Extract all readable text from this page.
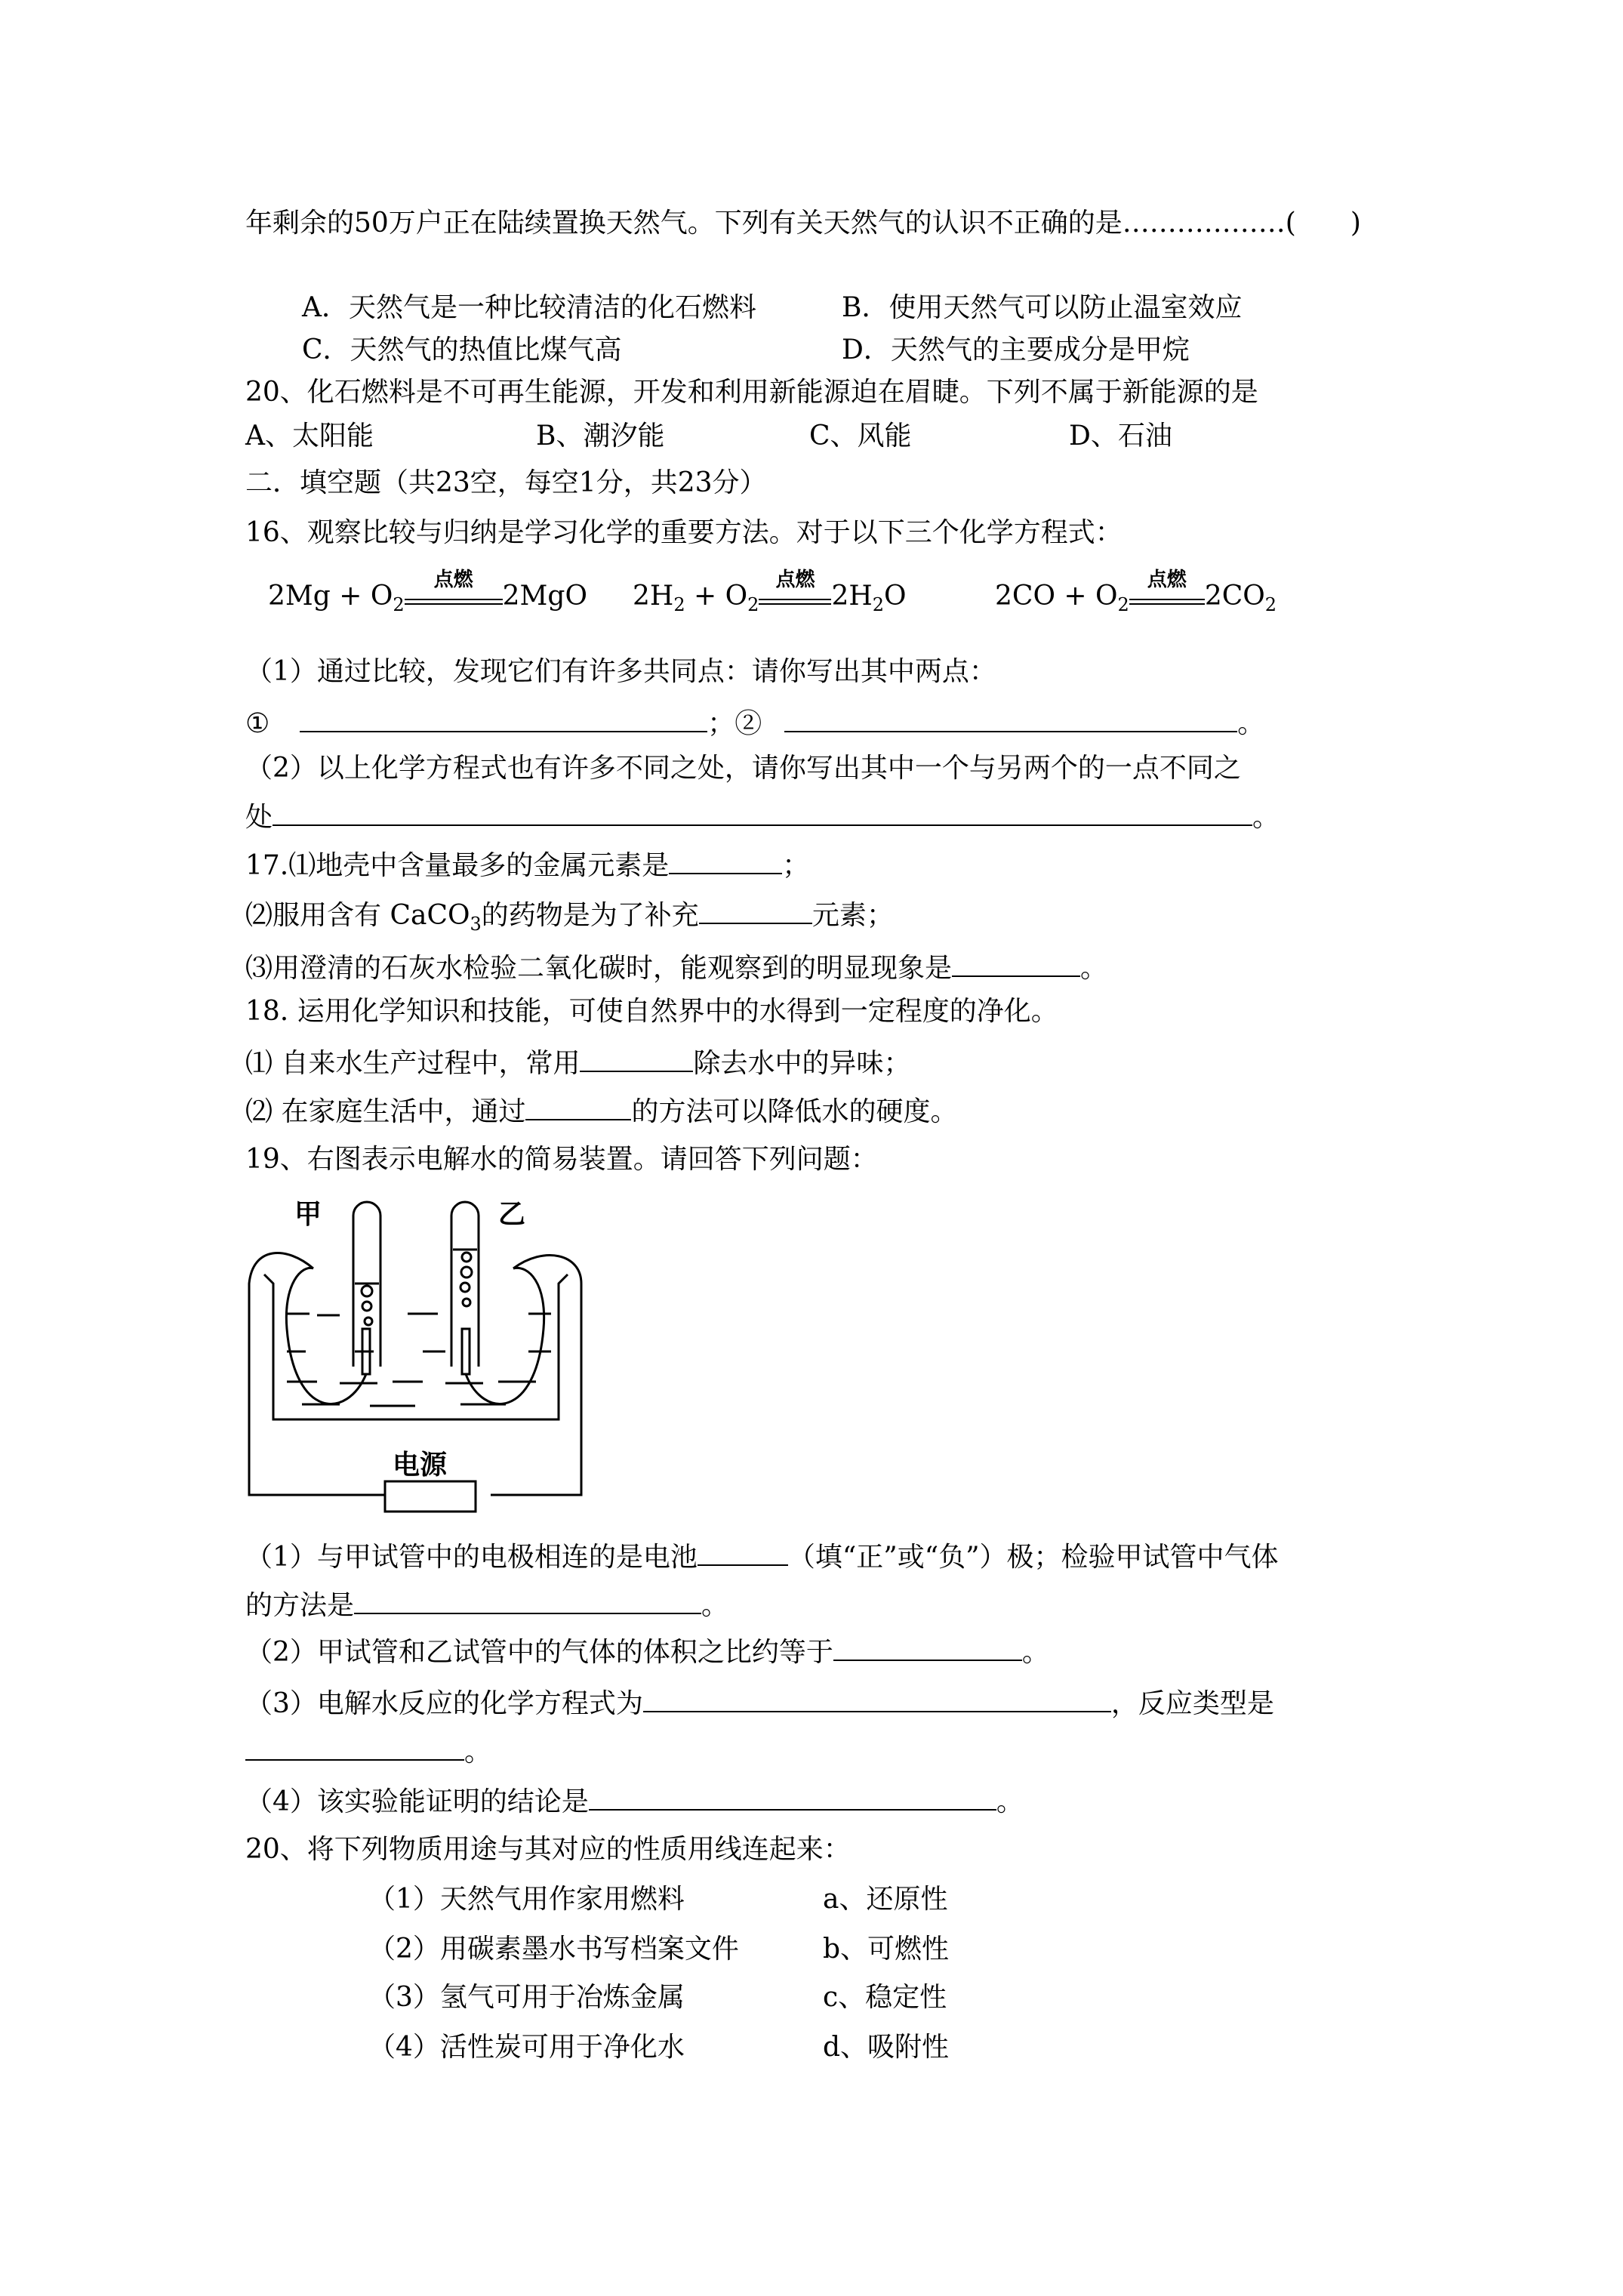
年剩余的50万户正在陆续置换天然气。下列有关天然气的认识不正确的是………………(　　)
A．天然气是一种比较清洁的化石燃料	B．使用天然气可以防止温室效应
C．天然气的热值比煤气高	D．天然气的主要成分是甲烷
20、化石燃料是不可再生能源，开发和利用新能源迫在眉睫。下列不属于新能源的是
A、太阳能	B、潮汐能	C、风能	D、石油
二．填空题（共23空，每空1分，共23分）
16、观察比较与归纳是学习化学的重要方法。对于以下三个化学方程式：
$2Mg + O_2$
点燃
2MgO $2H_2 + O_2$
点燃
$2H_2O$	$2CO + O_2$
点燃
$2CO_2$
（1）通过比较，发现它们有许多共同点：请你写出其中两点：
①	；②	。
（2）以上化学方程式也有许多不同之处，请你写出其中一个与另两个的一点不同之
处	。
17.⑴地壳中含量最多的金属元素是	；
⑵服用含有 CaCO$_3$的药物是为了补充	元素；
⑶用澄清的石灰水检验二氧化碳时，能观察到的明显现象是	。
18. 运用化学知识和技能，可使自然界中的水得到一定程度的净化。
⑴ 自来水生产过程中，常用	除去水中的异味；
⑵ 在家庭生活中，通过	的方法可以降低水的硬度。
19、右图表示电解水的简易装置。请回答下列问题：
甲	乙
电源
（1）与甲试管中的电极相连的是电池	（填“正”或“负”）极；检验甲试管中气体
的方法是	。
（2）甲试管和乙试管中的气体的体积之比约等于	。
（3）电解水反应的化学方程式为	，反应类型是
。
（4）该实验能证明的结论是	。
20、将下列物质用途与其对应的性质用线连起来：
（1）天然气用作家用燃料	a、还原性
（2）用碳素墨水书写档案文件	b、可燃性
（3）氢气可用于冶炼金属	c、稳定性
（4）活性炭可用于净化水	d、吸附性
